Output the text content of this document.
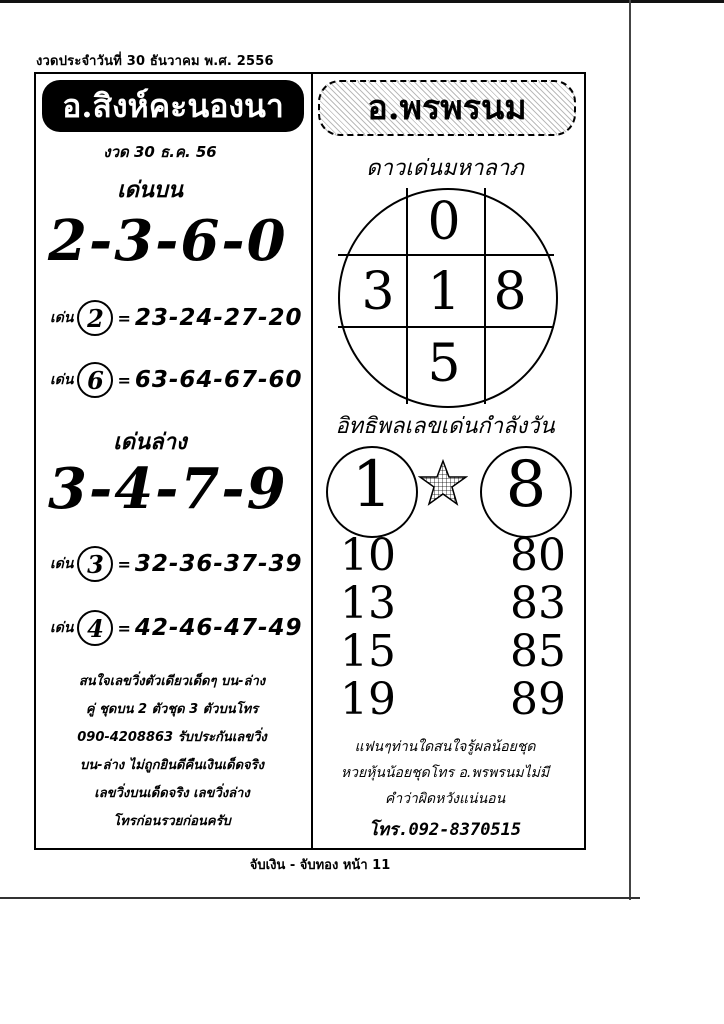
งวดประจำวันที่ 30 ธันวาคม พ.ศ. 2556
อ.สิงห์คะนองนา
งวด 30 ธ.ค. 56
เด่นบน
2-3-6-0
เด่น 2 = 23-24-27-20
เด่น 6 = 63-64-67-60
เด่นล่าง
3-4-7-9
เด่น 3 = 32-36-37-39
เด่น 4 = 42-46-47-49
สนใจเลขวิ่งตัวเดียวเด็ดๆ บน-ล่าง
คู่ ชุดบน 2 ตัวชุด 3 ตัวบนโทร
090-4208863 รับประกันเลขวิ่ง
บน-ล่าง ไม่ถูกยินดีคืนเงินเด็ดจริง
เลขวิ่งบนเด็ดจริง เลขวิ่งล่าง
โทรก่อนรวยก่อนครับ
อ.พรพรนม
ดาวเด่นมหาลาภ
0
3 1 8
5
อิทธิพลเลขเด่นกำลังวัน
1	8
10
13
15
19
80
83
85
89
แฟนๆท่านใดสนใจรู้ผลน้อยชุด
หวยหุ้นน้อยชุดโทร อ.พรพรนมไม่มี
คำว่าผิดหวังแน่นอน
โทร.092-8370515
จับเงิน - จับทอง หน้า 11
